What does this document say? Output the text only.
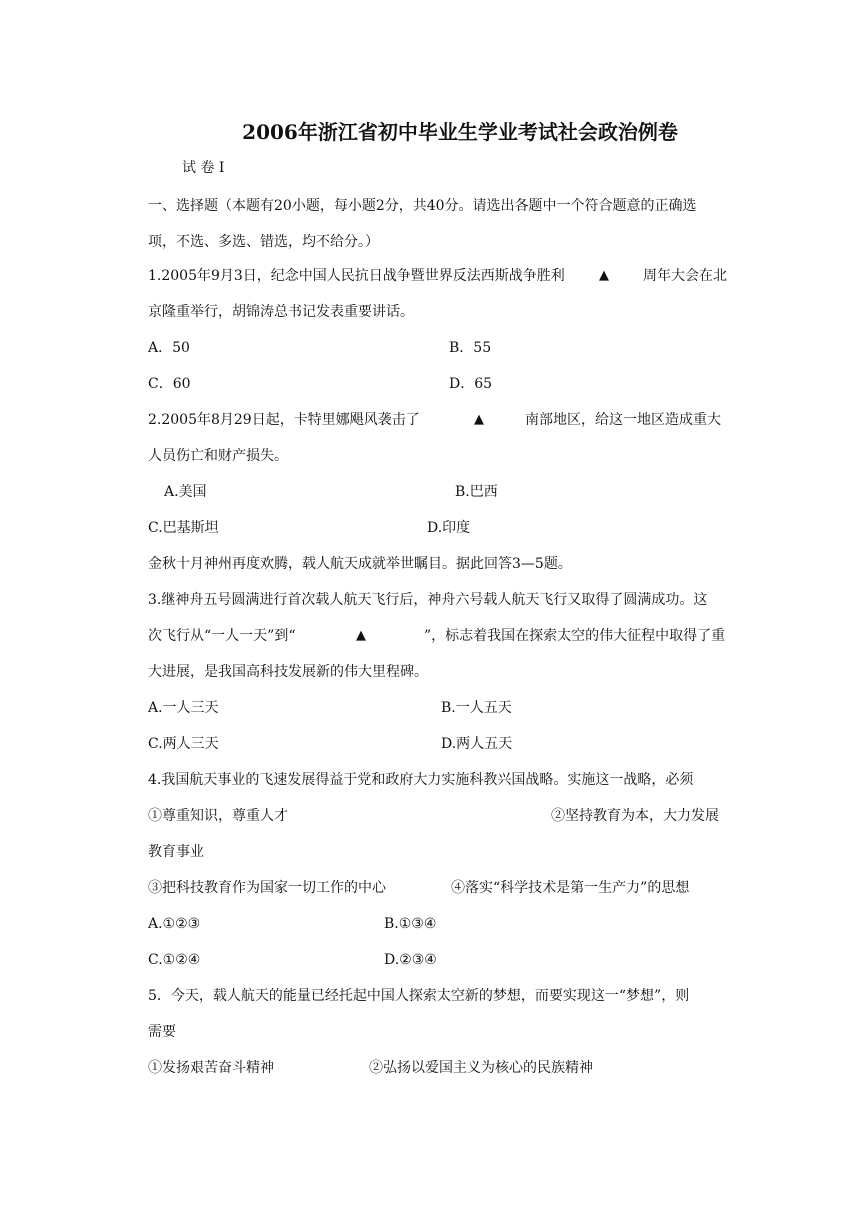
2006年浙江省初中毕业生学业考试社会政治例卷
试 卷 Ⅰ
一、选择题（本题有20小题，每小题2分，共40分。请选出各题中一个符合题意的正确选
项，不选、多选、错选，均不给分。）
1.2005年9月3日，纪念中国人民抗日战争暨世界反法西斯战争胜利	▲ 周年大会在北
京隆重举行，胡锦涛总书记发表重要讲话。
A．50	B．55
C．60	D．65
2.2005年8月29日起，卡特里娜飓风袭击了	▲	南部地区，给这一地区造成重大
人员伤亡和财产损失。
A.美国	B.巴西
C.巴基斯坦	D.印度
金秋十月神州再度欢腾，载人航天成就举世瞩目。据此回答3—5题。
3.继神舟五号圆满进行首次载人航天飞行后，神舟六号载人航天飞行又取得了圆满成功。这
次飞行从“一人一天”到“	▲	”，标志着我国在探索太空的伟大征程中取得了重
大进展，是我国高科技发展新的伟大里程碑。
A.一人三天	B.一人五天
C.两人三天	D.两人五天
4.我国航天事业的飞速发展得益于党和政府大力实施科教兴国战略。实施这一战略，必须
①尊重知识，尊重人才	②坚持教育为本，大力发展
教育事业
③把科技教育作为国家一切工作的中心	④落实“科学技术是第一生产力”的思想
A.①②③	B.①③④
C.①②④	D.②③④
5．今天，载人航天的能量已经托起中国人探索太空新的梦想，而要实现这一“梦想”，则
需要
①发扬艰苦奋斗精神	②弘扬以爱国主义为核心的民族精神
